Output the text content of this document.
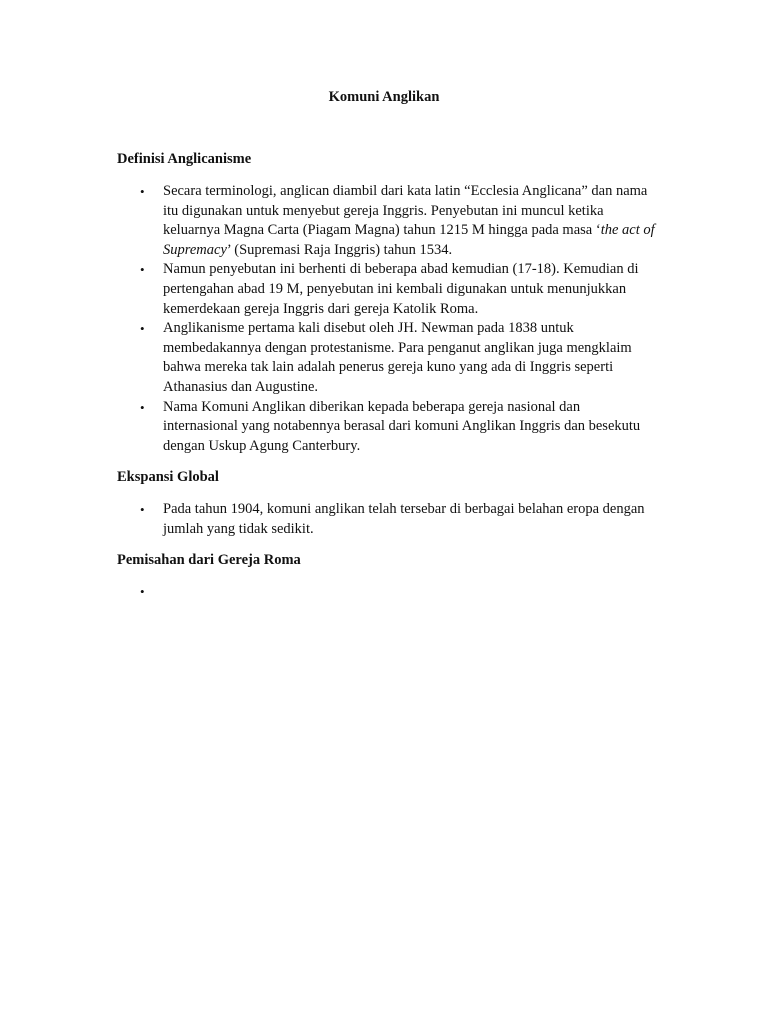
Komuni Anglikan
Definisi Anglicanisme
• Secara terminologi, anglican diambil dari kata latin “Ecclesia Anglicana” dan nama itu digunakan untuk menyebut gereja Inggris. Penyebutan ini muncul ketika keluarnya Magna Carta (Piagam Magna) tahun 1215 M hingga pada masa ‘the act of Supremacy’ (Supremasi Raja Inggris) tahun 1534.
• Namun penyebutan ini berhenti di beberapa abad kemudian (17-18). Kemudian di pertengahan abad 19 M, penyebutan ini kembali digunakan untuk menunjukkan kemerdekaan gereja Inggris dari gereja Katolik Roma.
• Anglikanisme pertama kali disebut oleh JH. Newman pada 1838 untuk membedakannya dengan protestanisme. Para penganut anglikan juga mengklaim bahwa mereka tak lain adalah penerus gereja kuno yang ada di Inggris seperti Athanasius dan Augustine.
• Nama Komuni Anglikan diberikan kepada beberapa gereja nasional dan internasional yang notabennya berasal dari komuni Anglikan Inggris dan besekutu dengan Uskup Agung Canterbury.
Ekspansi Global
• Pada tahun 1904, komuni anglikan telah tersebar di berbagai belahan eropa dengan jumlah yang tidak sedikit.
Pemisahan dari Gereja Roma
•
